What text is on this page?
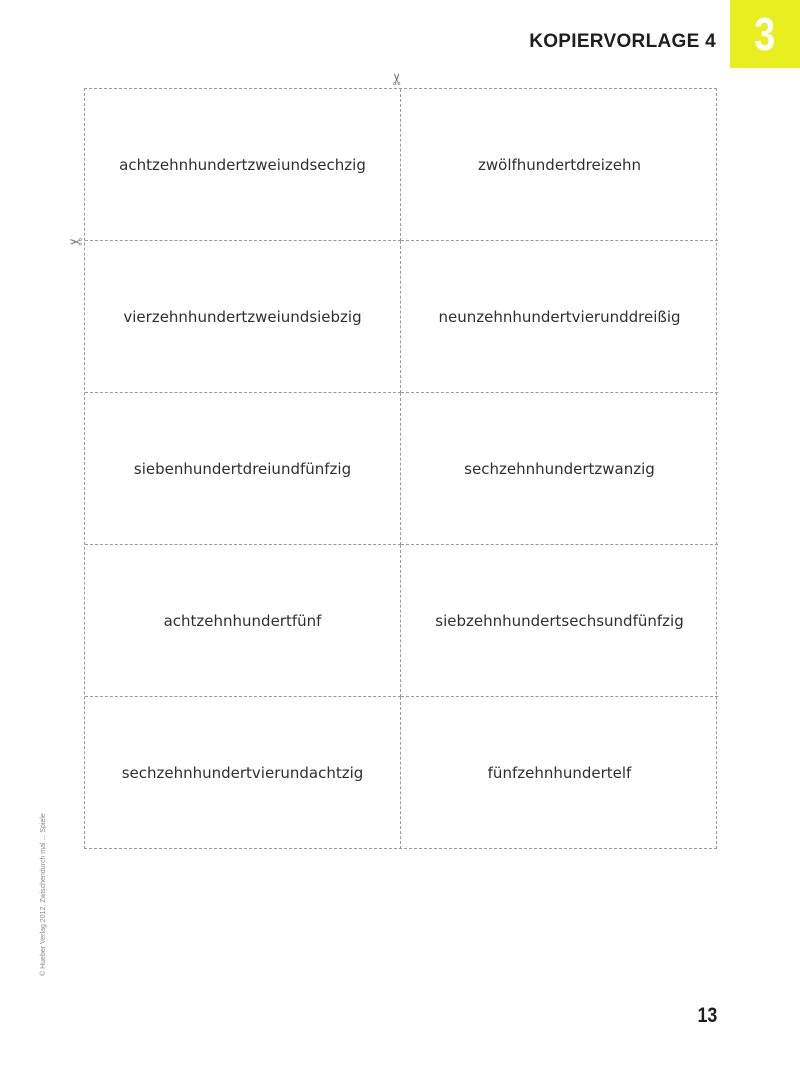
KOPIERVORLAGE 4 3
✂
✂
achtzehnhundertzweiundsechzig	zwölfhundertdreizehn
vierzehnhundertzweiundsiebzig	neunzehnhundertvierunddreißig
siebenhundertdreiundfünfzig	sechzehnhundertzwanzig
achtzehnhundertfünf	siebzehnhundertsechsundfünfzig
sechzehnhundertvierundachtzig	fünfzehnhundertelf
© Hueber Verlag 2012, Zwischendurch mal ... Spiele
13
